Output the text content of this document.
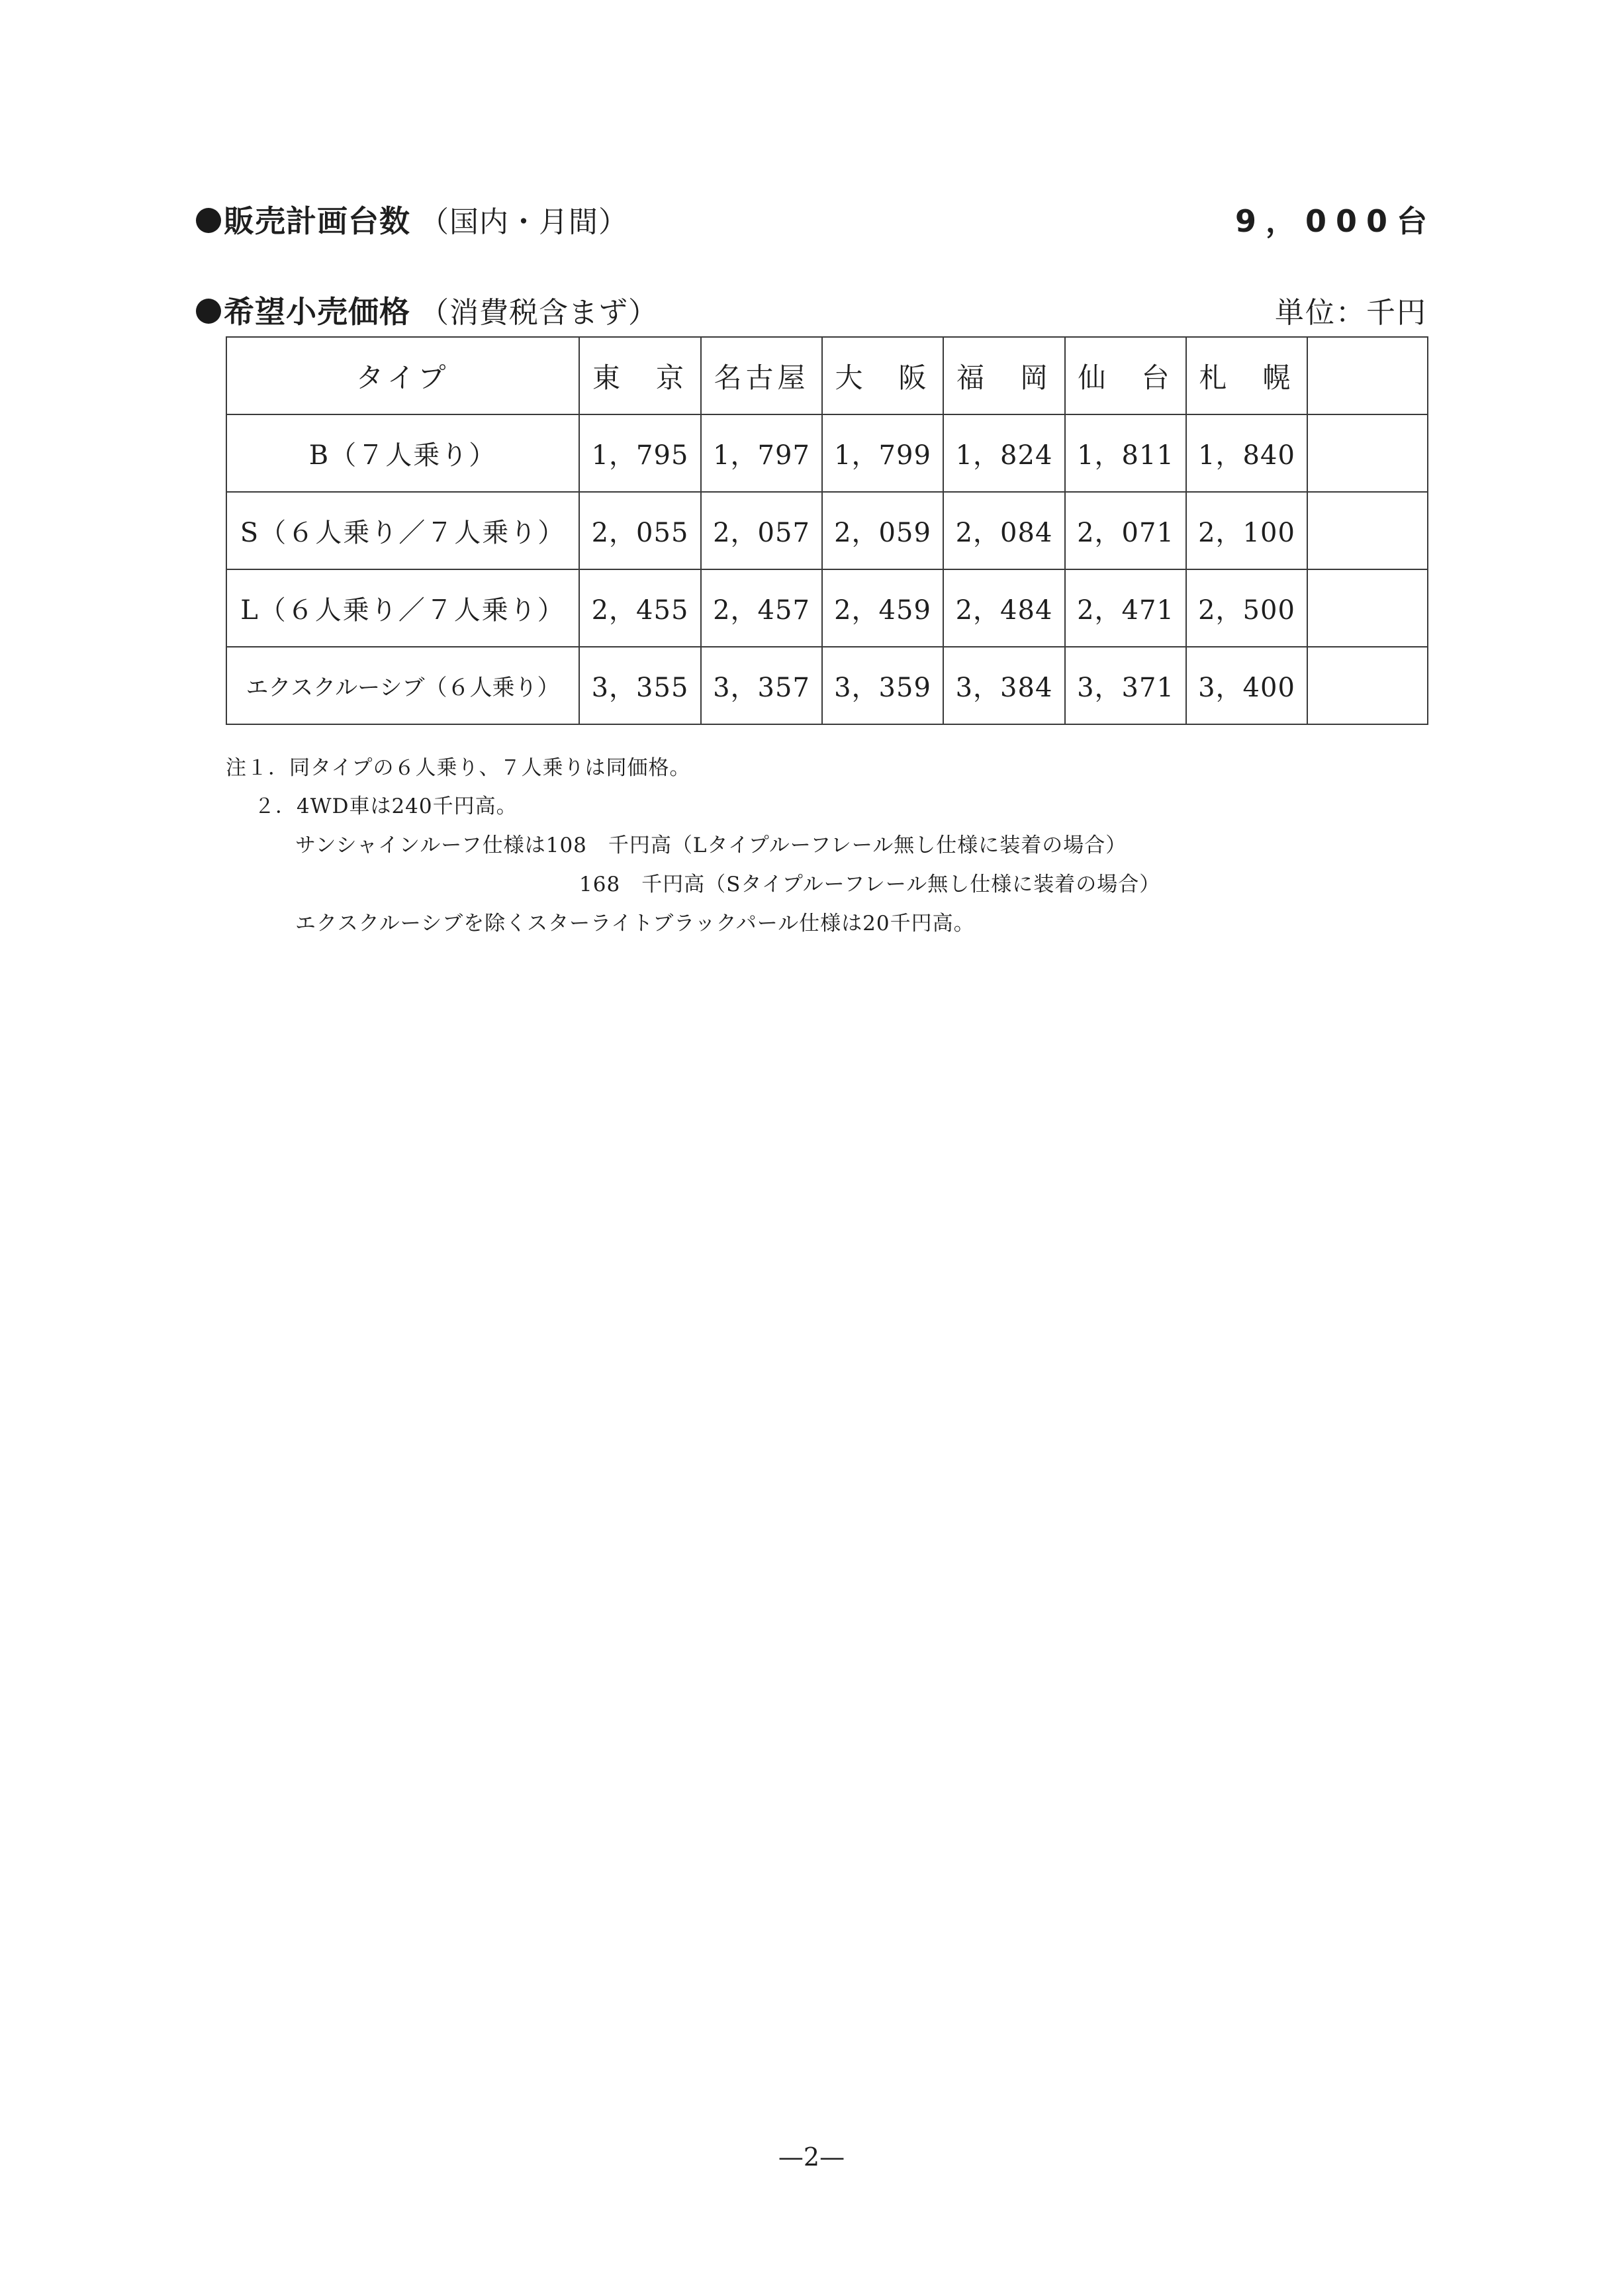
販売計画台数 （国内・月間）	9，000台
希望小売価格 （消費税含まず）	単位：千円
タイプ	東　京	名古屋	大　阪	福　岡	仙　台	札　幌	
B（７人乗り）	1，795	1，797	1，799	1，824	1，811	1，840	
S（６人乗り／７人乗り）	2，055	2，057	2，059	2，084	2，071	2，100	
L（６人乗り／７人乗り）	2，455	2，457	2，459	2，484	2，471	2，500	
エクスクルーシブ（６人乗り）	3，355	3，357	3，359	3，384	3，371	3，400	
注１．同タイプの６人乗り、７人乗りは同価格。
２．4WD車は240千円高。
サンシャインルーフ仕様は108　千円高（Lタイプルーフレール無し仕様に装着の場合）
168　千円高（Sタイプルーフレール無し仕様に装着の場合）
エクスクルーシブを除くスターライトブラックパール仕様は20千円高。
—2—
